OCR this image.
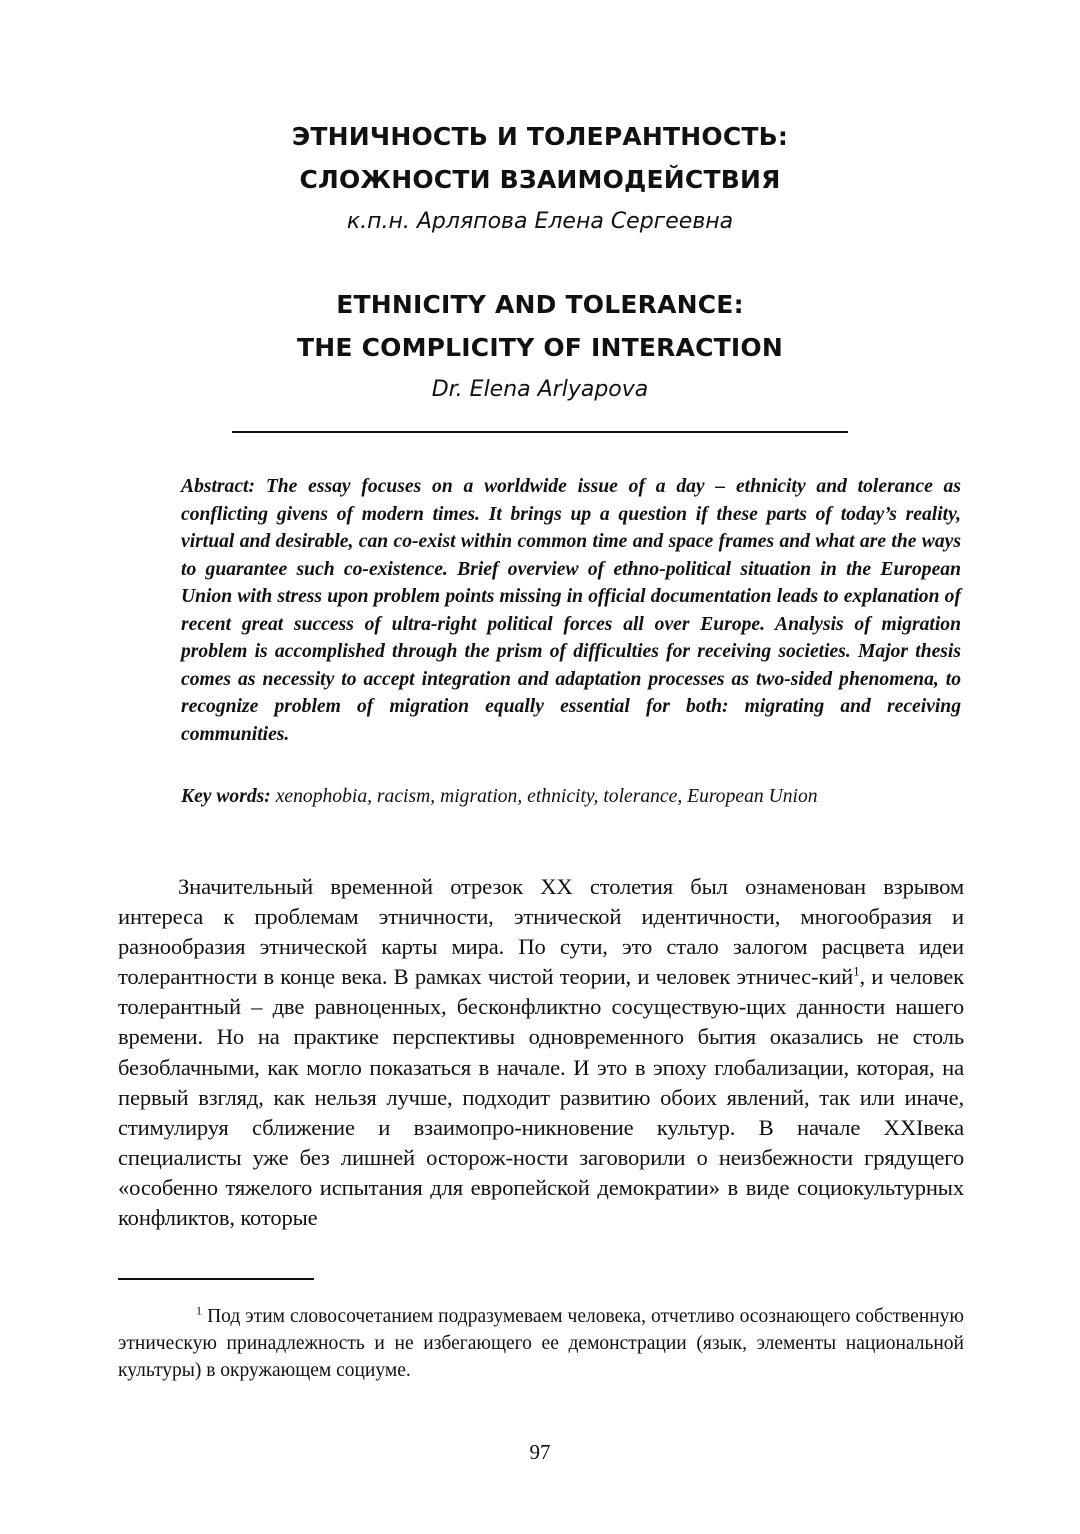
ЭТНИЧНОСТЬ И ТОЛЕРАНТНОСТЬ:
СЛОЖНОСТИ ВЗАИМОДЕЙСТВИЯ

к.п.н. Арляпова Елена Сергеевна

ETHNICITY AND TOLERANCE:
THE COMPLICITY OF INTERACTION

Dr. Elena Arlyapova

Abstract: The essay focuses on a worldwide issue of a day – ethnicity and tolerance as conflicting givens of modern times. It brings up a question if these parts of today’s reality, virtual and desirable, can co-exist within common time and space frames and what are the ways to guarantee such co-existence. Brief overview of ethno-political situation in the European Union with stress upon problem points missing in official documentation leads to explanation of recent great success of ultra-right political forces all over Europe. Analysis of migration problem is accomplished through the prism of difficulties for receiving societies. Major thesis comes as necessity to accept integration and adaptation processes as two-sided phenomena, to recognize problem of migration equally essential for both: migrating and receiving communities.

Key words: xenophobia, racism, migration, ethnicity, tolerance, European Union

Значительный временной отрезок XX столетия был ознаменован взрывом интереса к проблемам этничности, этнической идентичности, многообразия и разнообразия этнической карты мира. По сути, это стало залогом расцвета идеи толерантности в конце века. В рамках чистой теории, и человек этничес-кий$^1$, и человек толерантный – две равноценных, бесконфликтно сосуществую-щих данности нашего времени. Но на практике перспективы одновременного бытия оказались не столь безоблачными, как могло показаться в начале. И это в эпоху глобализации, которая, на первый взгляд, как нельзя лучше, подходит развитию обоих явлений, так или иначе, стимулируя сближение и взаимопро-никновение культур. В начале XXIвека специалисты уже без лишней осторож-ности заговорили о неизбежности грядущего «особенно тяжелого испытания для европейской демократии» в виде социокультурных конфликтов, которые

$^1$ Под этим словосочетанием подразумеваем человека, отчетливо осознающего собственную этническую принадлежность и не избегающего ее демонстрации (язык, элементы национальной культуры) в окружающем социуме.

97
